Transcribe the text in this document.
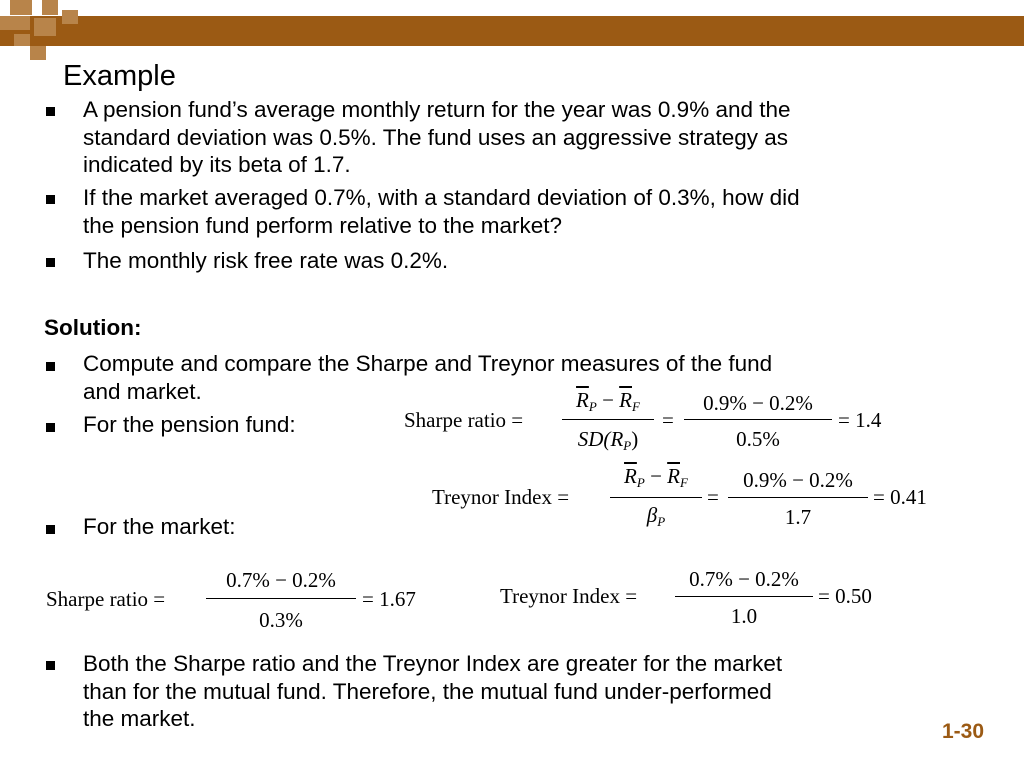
Example
A pension fund’s average monthly return for the year was 0.9% and the
standard deviation was 0.5%. The fund uses an aggressive strategy as
indicated by its beta of 1.7.
If the market averaged 0.7%, with a standard deviation of 0.3%, how did
the pension fund perform relative to the market?
The monthly risk free rate was 0.2%.
Solution:
Compute and compare the Sharpe and Treynor measures of the fund
and market.
For the pension fund:
For the market:
Sharpe ratio =
$\overline{R}_P - \overline{R}_F$
$SD(R_P)$
=
0.9% − 0.2%
0.5%
= 1.4
Treynor Index =
$\overline{R}_P - \overline{R}_F$
$\beta_P$
=
0.9% − 0.2%
1.7
= 0.41
Sharpe ratio =
0.7% − 0.2%
0.3%
= 1.67	Treynor Index =
0.7% − 0.2%
1.0
= 0.50
Both the Sharpe ratio and the Treynor Index are greater for the market
than for the mutual fund. Therefore, the mutual fund under-performed
the market.
1-30
